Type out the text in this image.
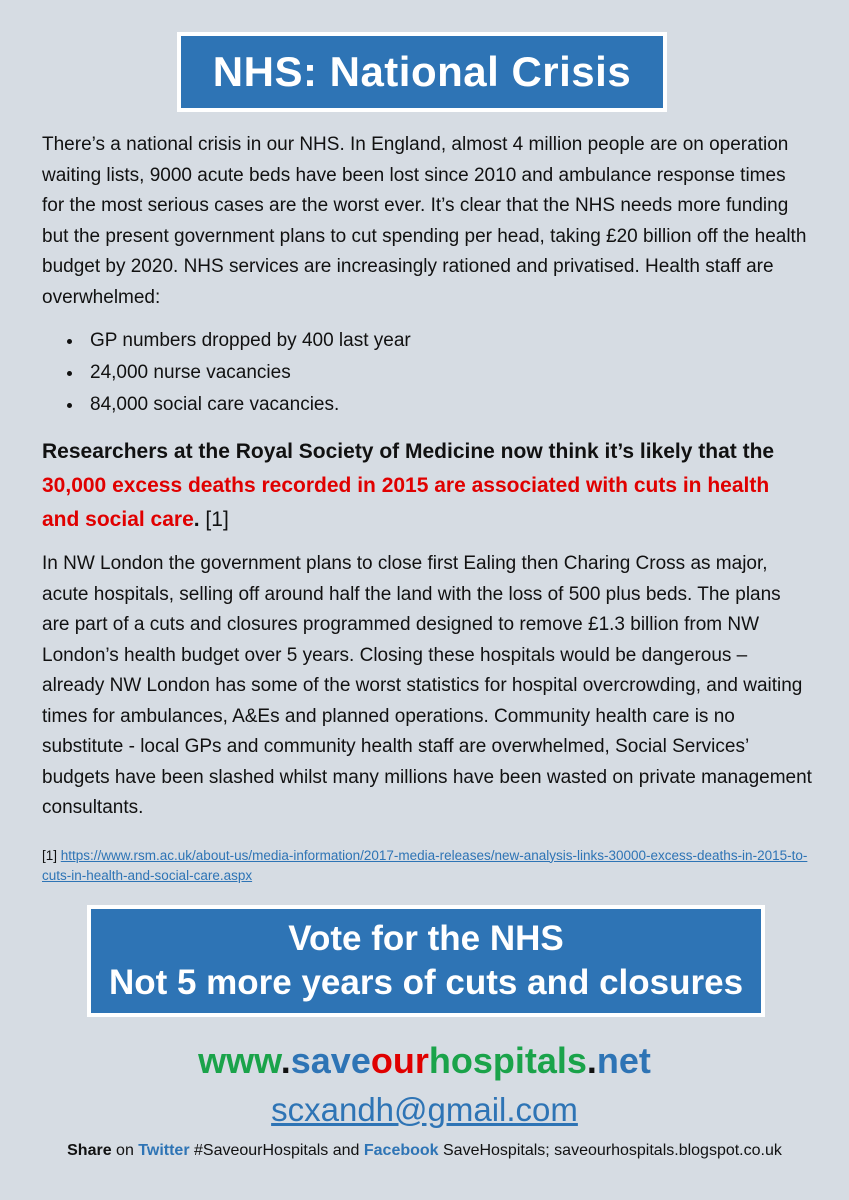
NHS: National Crisis

There’s a national crisis in our NHS. In England, almost 4 million people are on operation waiting lists, 9000 acute beds have been lost since 2010 and ambulance response times for the most serious cases are the worst ever. It’s clear that the NHS needs more funding but the present government plans to cut spending per head, taking £20 billion off the health budget by 2020. NHS services are increasingly rationed and privatised. Health staff are overwhelmed:

• GP numbers dropped by 400 last year
• 24,000 nurse vacancies
• 84,000 social care vacancies.

Researchers at the Royal Society of Medicine now think it’s likely that the 30,000 excess deaths recorded in 2015 are associated with cuts in health and social care. [1]

In NW London the government plans to close first Ealing then Charing Cross as major, acute hospitals, selling off around half the land with the loss of 500 plus beds. The plans are part of a cuts and closures programmed designed to remove £1.3 billion from NW London’s health budget over 5 years. Closing these hospitals would be dangerous – already NW London has some of the worst statistics for hospital overcrowding, and waiting times for ambulances, A&Es and planned operations. Community health care is no substitute - local GPs and community health staff are overwhelmed, Social Services’ budgets have been slashed whilst many millions have been wasted on private management consultants.

[1] https://www.rsm.ac.uk/about-us/media-information/2017-media-releases/new-analysis-links-30000-excess-deaths-in-2015-to-cuts-in-health-and-social-care.aspx

Vote for the NHS
Not 5 more years of cuts and closures
www.saveourhospitals.net
scxandh@gmail.com
Share on Twitter #SaveourHospitals and Facebook SaveHospitals; saveourhospitals.blogspot.co.uk
